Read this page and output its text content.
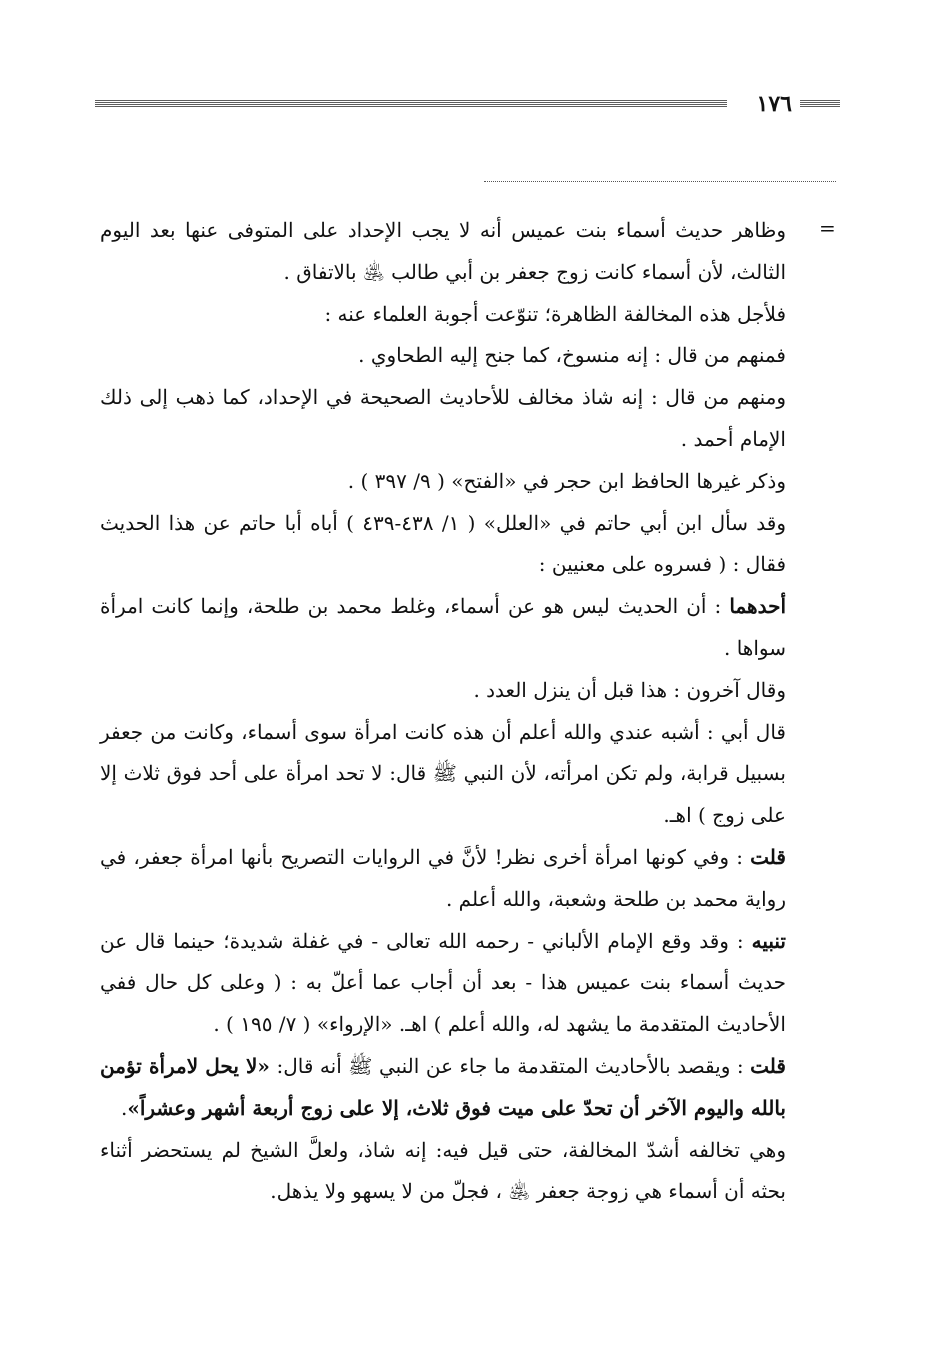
١٧٦
=

وظاهر حديث أسماء بنت عميس أنه لا يجب الإحداد على المتوفى عنها بعد اليوم الثالث، لأن أسماء كانت زوج جعفر بن أبي طالب ﵁ بالاتفاق .

فلأجل هذه المخالفة الظاهرة؛ تنوّعت أجوبة العلماء عنه :

فمنهم من قال : إنه منسوخ، كما جنح إليه الطحاوي .

ومنهم من قال : إنه شاذ مخالف للأحاديث الصحيحة في الإحداد، كما ذهب إلى ذلك الإمام أحمد .

وذكر غيرها الحافظ ابن حجر في «الفتح» ( ٩/ ٣٩٧ ) .

وقد سأل ابن أبي حاتم في «العلل» ( ١/ ٤٣٨-٤٣٩ ) أباه أبا حاتم عن هذا الحديث فقال : ( فسروه على معنيين :

أحدهما : أن الحديث ليس هو عن أسماء، وغلط محمد بن طلحة، وإنما كانت امرأة سواها .

وقال آخرون : هذا قبل أن ينزل العدد .

قال أبي : أشبه عندي والله أعلم أن هذه كانت امرأة سوى أسماء، وكانت من جعفر بسبيل قرابة، ولم تكن امرأته، لأن النبي ﷺ قال: لا تحد امرأة على أحد فوق ثلاث إلا على زوج ) اهـ.

قلت : وفي كونها امرأة أخرى نظر! لأنَّ في الروايات التصريح بأنها امرأة جعفر، في رواية محمد بن طلحة وشعبة، والله أعلم .

تنبيه : وقد وقع الإمام الألباني - رحمه الله تعالى - في غفلة شديدة؛ حينما قال عن حديث أسماء بنت عميس هذا - بعد أن أجاب عما أعلّ به : ( وعلى كل حال ففي الأحاديث المتقدمة ما يشهد له، والله أعلم ) اهـ. «الإرواء» ( ٧/ ١٩٥ ) .

قلت : ويقصد بالأحاديث المتقدمة ما جاء عن النبي ﷺ أنه قال: «لا يحل لامرأة تؤمن بالله واليوم الآخر أن تحدّ على ميت فوق ثلاث، إلا على زوج أربعة أشهر وعشراً».

وهي تخالفه أشدّ المخالفة، حتى قيل فيه: إنه شاذ، ولعلَّ الشيخ لم يستحضر أثناء بحثه أن أسماء هي زوجة جعفر ﵁ ، فجلّ من لا يسهو ولا يذهل.
